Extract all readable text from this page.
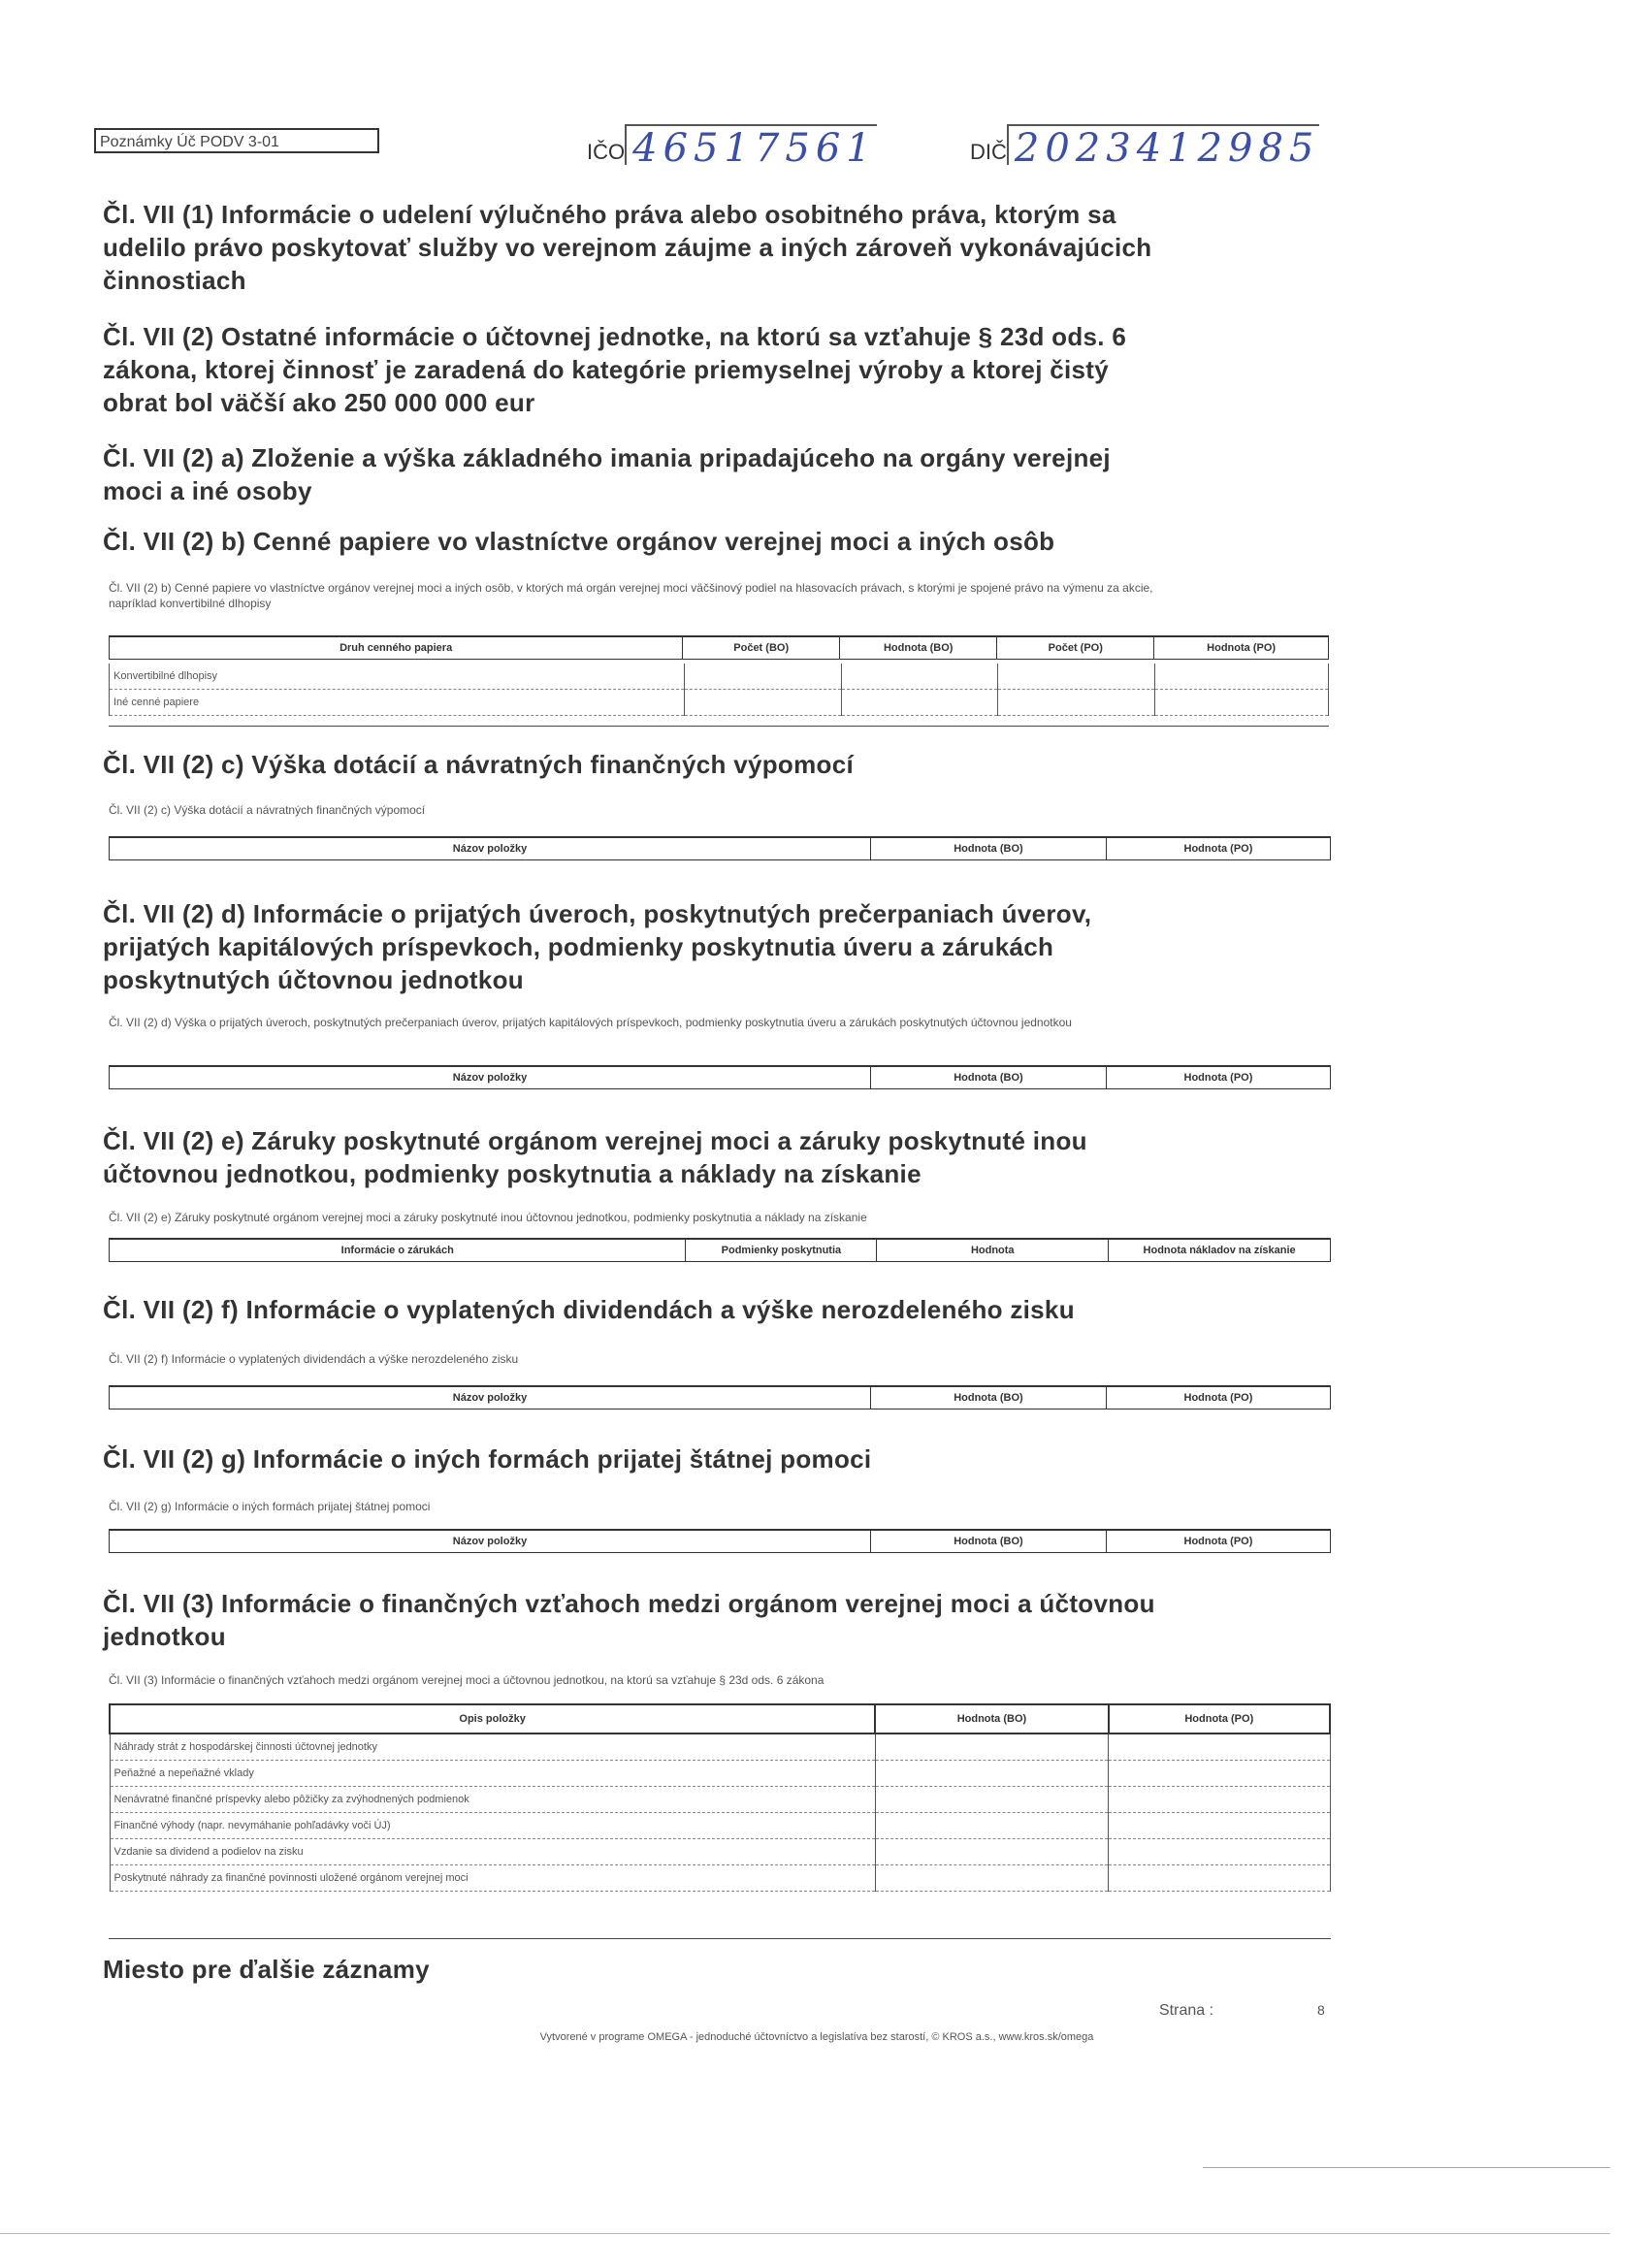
Poznámky Úč PODV 3-01	IČO 46517561	DIČ 2023412985
Čl. VII (1) Informácie o udelení výlučného práva alebo osobitného práva, ktorým sa udelilo právo poskytovať služby vo verejnom záujme a iných zároveň vykonávajúcich činnostiach
Čl. VII (2) Ostatné informácie o účtovnej jednotke, na ktorú sa vzťahuje § 23d ods. 6 zákona, ktorej činnosť je zaradená do kategórie priemyselnej výroby a ktorej čistý obrat bol väčší ako 250 000 000 eur
Čl. VII (2) a) Zloženie a výška základného imania pripadajúceho na orgány verejnej moci a iné osoby
Čl. VII (2) b) Cenné papiere vo vlastníctve orgánov verejnej moci a iných osôb
Čl. VII (2) b) Cenné papiere vo vlastníctve orgánov verejnej moci a iných osôb, v ktorých má orgán verejnej moci väčšinový podiel na hlasovacích právach, s ktorými je spojené právo na výmenu za akcie, napríklad konvertibilné dlhopisy
Druh cenného papiera	Počet (BO)	Hodnota (BO)	Počet (PO)	Hodnota (PO)
Konvertibilné dlhopisy				
Iné cenné papiere				
Čl. VII (2) c) Výška dotácií a návratných finančných výpomocí
Čl. VII (2) c) Výška dotácií a návratných finančných výpomocí
Názov položky	Hodnota (BO)	Hodnota (PO)
Čl. VII (2) d) Informácie o prijatých úveroch, poskytnutých prečerpaniach úverov, prijatých kapitálových príspevkoch, podmienky poskytnutia úveru a zárukách poskytnutých účtovnou jednotkou
Čl. VII (2) d) Výška o prijatých úveroch, poskytnutých prečerpaniach úverov, prijatých kapitálových príspevkoch, podmienky poskytnutia úveru a zárukách poskytnutých účtovnou jednotkou
Názov položky	Hodnota (BO)	Hodnota (PO)
Čl. VII (2) e) Záruky poskytnuté orgánom verejnej moci a záruky poskytnuté inou účtovnou jednotkou, podmienky poskytnutia a náklady na získanie
Čl. VII (2) e) Záruky poskytnuté orgánom verejnej moci a záruky poskytnuté inou účtovnou jednotkou, podmienky poskytnutia a náklady na získanie
Informácie o zárukách	Podmienky poskytnutia	Hodnota	Hodnota nákladov na získanie
Čl. VII (2) f) Informácie o vyplatených dividendách a výške nerozdeleného zisku
Čl. VII (2) f) Informácie o vyplatených dividendách a výške nerozdeleného zisku
Názov položky	Hodnota (BO)	Hodnota (PO)
Čl. VII (2) g) Informácie o iných formách prijatej štátnej pomoci
Čl. VII (2) g) Informácie o iných formách prijatej štátnej pomoci
Názov položky	Hodnota (BO)	Hodnota (PO)
Čl. VII (3) Informácie o finančných vzťahoch medzi orgánom verejnej moci a účtovnou jednotkou
Čl. VII (3) Informácie o finančných vzťahoch medzi orgánom verejnej moci a účtovnou jednotkou, na ktorú sa vzťahuje § 23d ods. 6 zákona
Opis položky	Hodnota (BO)	Hodnota (PO)
Náhrady strát z hospodárskej činnosti účtovnej jednotky		
Peňažné a nepeňažné vklady		
Nenávratné finančné príspevky alebo pôžičky za zvýhodnených podmienok		
Finančné výhody (napr. nevymáhanie pohľadávky voči ÚJ)		
Vzdanie sa dividend a podielov na zisku		
Poskytnuté náhrady za finančné povinnosti uložené orgánom verejnej moci		
Miesto pre ďalšie záznamy
Strana :	8
Vytvorené v programe OMEGA - jednoduché účtovníctvo a legislatíva bez starostí, © KROS a.s., www.kros.sk/omega
